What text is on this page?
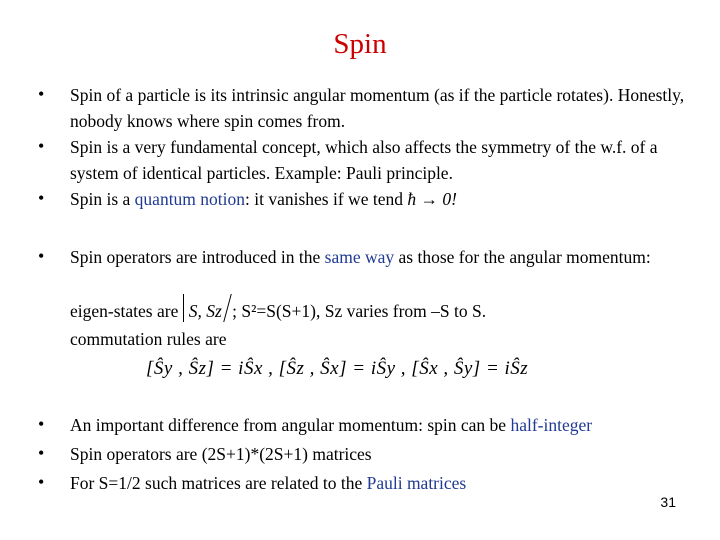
Spin
• Spin of a particle is its intrinsic angular momentum (as if the particle rotates). Honestly, nobody knows where spin comes from.
• Spin is a very fundamental concept, which also affects the symmetry of the w.f. of a system of identical particles. Example: Pauli principle.
• Spin is a quantum notion: it vanishes if we tend ħ → 0!
• Spin operators are introduced in the same way as those for the angular momentum:
eigen-states are S, Sz ; S²=S(S+1), Sz varies from –S to S.
commutation rules are
[Ŝy , Ŝz] = iŜx , [Ŝz , Ŝx] = iŜy , [Ŝx , Ŝy] = iŜz
• An important difference from angular momentum: spin can be half-integer
• Spin operators are (2S+1)*(2S+1) matrices
• For S=1/2 such matrices are related to the Pauli matrices
31
